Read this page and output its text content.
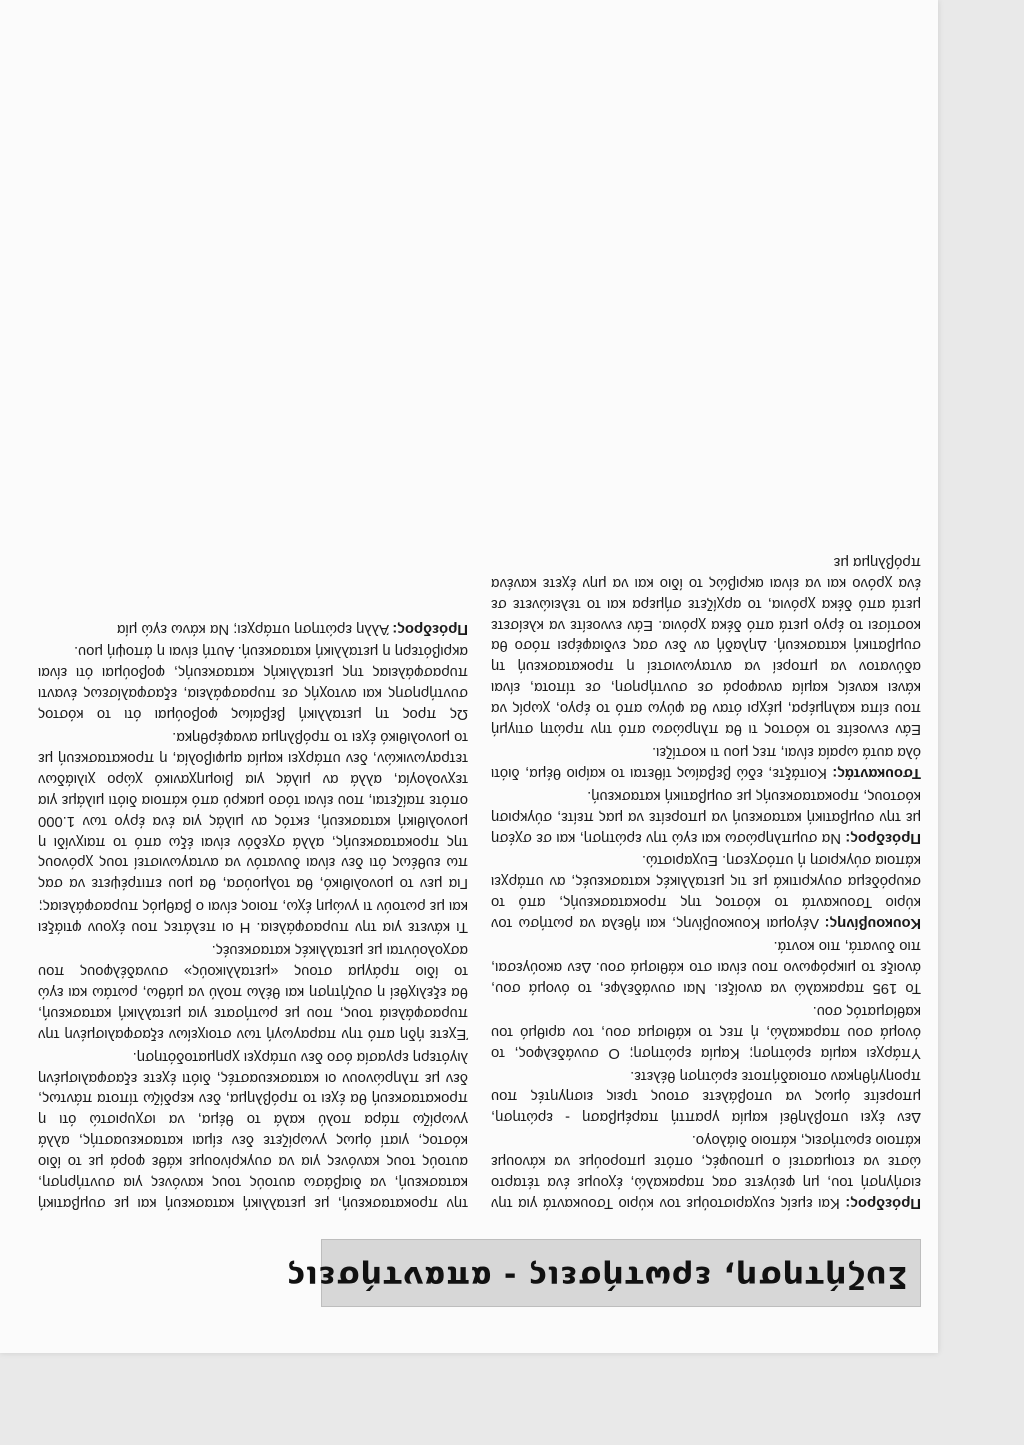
Συζήτηση, ερωτήσεις - απαντήσεις

Πρόεδρος: Και εμείς ευχαριστούμε τον κύριο Τσουκαντά για την εισήγησή του, μη φεύγετε σας παρακαλώ, έχουμε ένα τέταρτο ώστε να ετοιμαστεί ο μπουφές, οπότε μπορούμε να κάνουμε κάποιο ερωτήσεις, κάποιο διάλογο.

Δεν έχει υποβληθεί καμία γραπτή παρέμβαση - ερώτηση, μπορείτε όμως να υποβάλετε στους τρεις εισηγητές που προηγήθηκαν οποιαδήποτε ερώτηση θέλετε.

Υπάρχει καμία ερώτηση; Καμία ερώτηση; Ο συνάδελφος, το όνομά σου παρακαλώ, ή πες το κάθισμα σου, τον αριθμό του καθίσματός σου.

Το 195 παρακαλώ να ανοίξει. Ναι συνάδελφε, το όνομά σου, άνοιξε το μικρόφωνο που είναι στο κάθισμά σου. Δεν ακούγεσαι, πιο δυνατά, πιο κοντά.

Κουκουβίνης: Λέγομαι Κουκουβίνης, και ήθελα να ρωτήσω τον κύριο Τσουκαντά το κόστος της προκατασκευής, από το σκυρόδεμα συγκριτικά με τις μεταλλικές κατασκευές, αν υπάρχει κάποια σύγκριση ή υπόσχεση. Ευχαριστώ.

Πρόεδρος: Να συμπληρώσω και εγώ την ερώτηση, και σε σχέση με την συμβατική κατασκευή να μπορείτε να μας πείτε, σύγκριση κόστους, προκατασκευής με συμβατική κατασκευή.

Τσουκαντάς: Κοιτάξτε, εδώ βεβαίως τίθεται το καίριο θέμα, διότι όλα αυτά ωραία είναι, πες μου τι κοστίζει.

Εάν εννοείτε το κόστος τι θα πληρώσω από την πρώτη στιγμή που είπα καλημέρα, μέχρι όταν θα φύγω από το έργο, χωρίς να κάνει κανείς καμία αναφορά σε συντήρηση, σε τίποτα, είναι αδύνατον να μπορεί να ανταγωνιστεί η προκατασκευή τη συμβατική κατασκευή. Δηλαδή αν δεν σας ενδιαφέρει πόσο θα κοστίσει το έργο μετά από δέκα χρόνια. Εάν εννοείτε να κλείσετε μετά από δέκα χρόνια, το αρχίζετε σήμερα και το τελειώνετε σε ένα χρόνο και να είναι ακριβώς το ίδιο και να μην έχετε κανένα πρόβλημα με

την προκατασκευή, με μεταλλική κατασκευή και με συμβατική κατασκευή, να διαβάσω αυτούς τους κανόνες για συντήρηση, αυτούς τους κανόνες για να συγκρίνουμε κάθε φορά με το ίδιο κόστος, γιατί όμως γνωρίζετε δεν είμαι κατασκευαστής, αλλά γνωρίζω πάρα πολύ καλά το θέμα, να ισχυριστώ ότι η προκατασκευή θα έχει το πρόβλημα, δεν κερδίζω τίποτα πάντως, δεν με πληρώνουν οι κατασκευαστές, διότι έχετε εξασφαλισμένη λιγότερη εργασία όσο δεν υπάρχει χρηματοδότηση.

Έχετε ήδη από την παραγωγή των στοιχείων εξασφαλισμένη την πυρασφάλειά τους, που με ρωτήσατε για μεταλλική κατασκευή, θα εξελιχθεί η συζήτηση και θέλω πολύ να μάθω, ρωτάω και εγώ το ίδιο πράγμα στους «μεταλλικούς» συναδέλφους που ασχολούνται με μεταλλικές κατασκευές.

Τι κάνετε για την πυρασφάλεια. Η οι πελάτες που έχουν φτιάξει και με ρωτούν τι γνώμη έχω, ποιος είναι ο βαθμός πυρασφάλειας;

Για μεν το μονολιθικό, θα τολμούσα, θα μου επιτρέψετε να σας πω ευθέως ότι δεν είναι δυνατόν να ανταγωνιστεί τους χρόνους της προκατασκευής, αλλά σχεδόν είναι έξω από το παιχνίδι η μονολιθική κατασκευή, εκτός αν μιλάς για ένα έργο των 1.000 οπότε παίζεται, που είναι τόσο μακρύ από κάποια διότι μιλάμε για τεχνολογία, αλλά αν μιλάς για βιομηχανικό χώρο χιλιάδων τετραγωνικών, δεν υπάρχει καμία αμφιβολία, η προκατασκευή με το μονολιθικό έχει το πρόβλημα αναφέρθηκα.

Ως προς τη μεταλλική βεβαίως φοβούμαι ότι το κόστος συντήρησης και αντοχής σε πυρασφάλεια, εξασφαλίσεως έναντι πυρασφάλειας της μεταλλικής κατασκευής, φοβούμαι ότι είναι ακριβότερη η μεταλλική κατασκευή. Αυτή είναι η άποψή μου.

Πρόεδρος: Άλλη ερώτηση υπάρχει; Να κάνω εγώ μία
